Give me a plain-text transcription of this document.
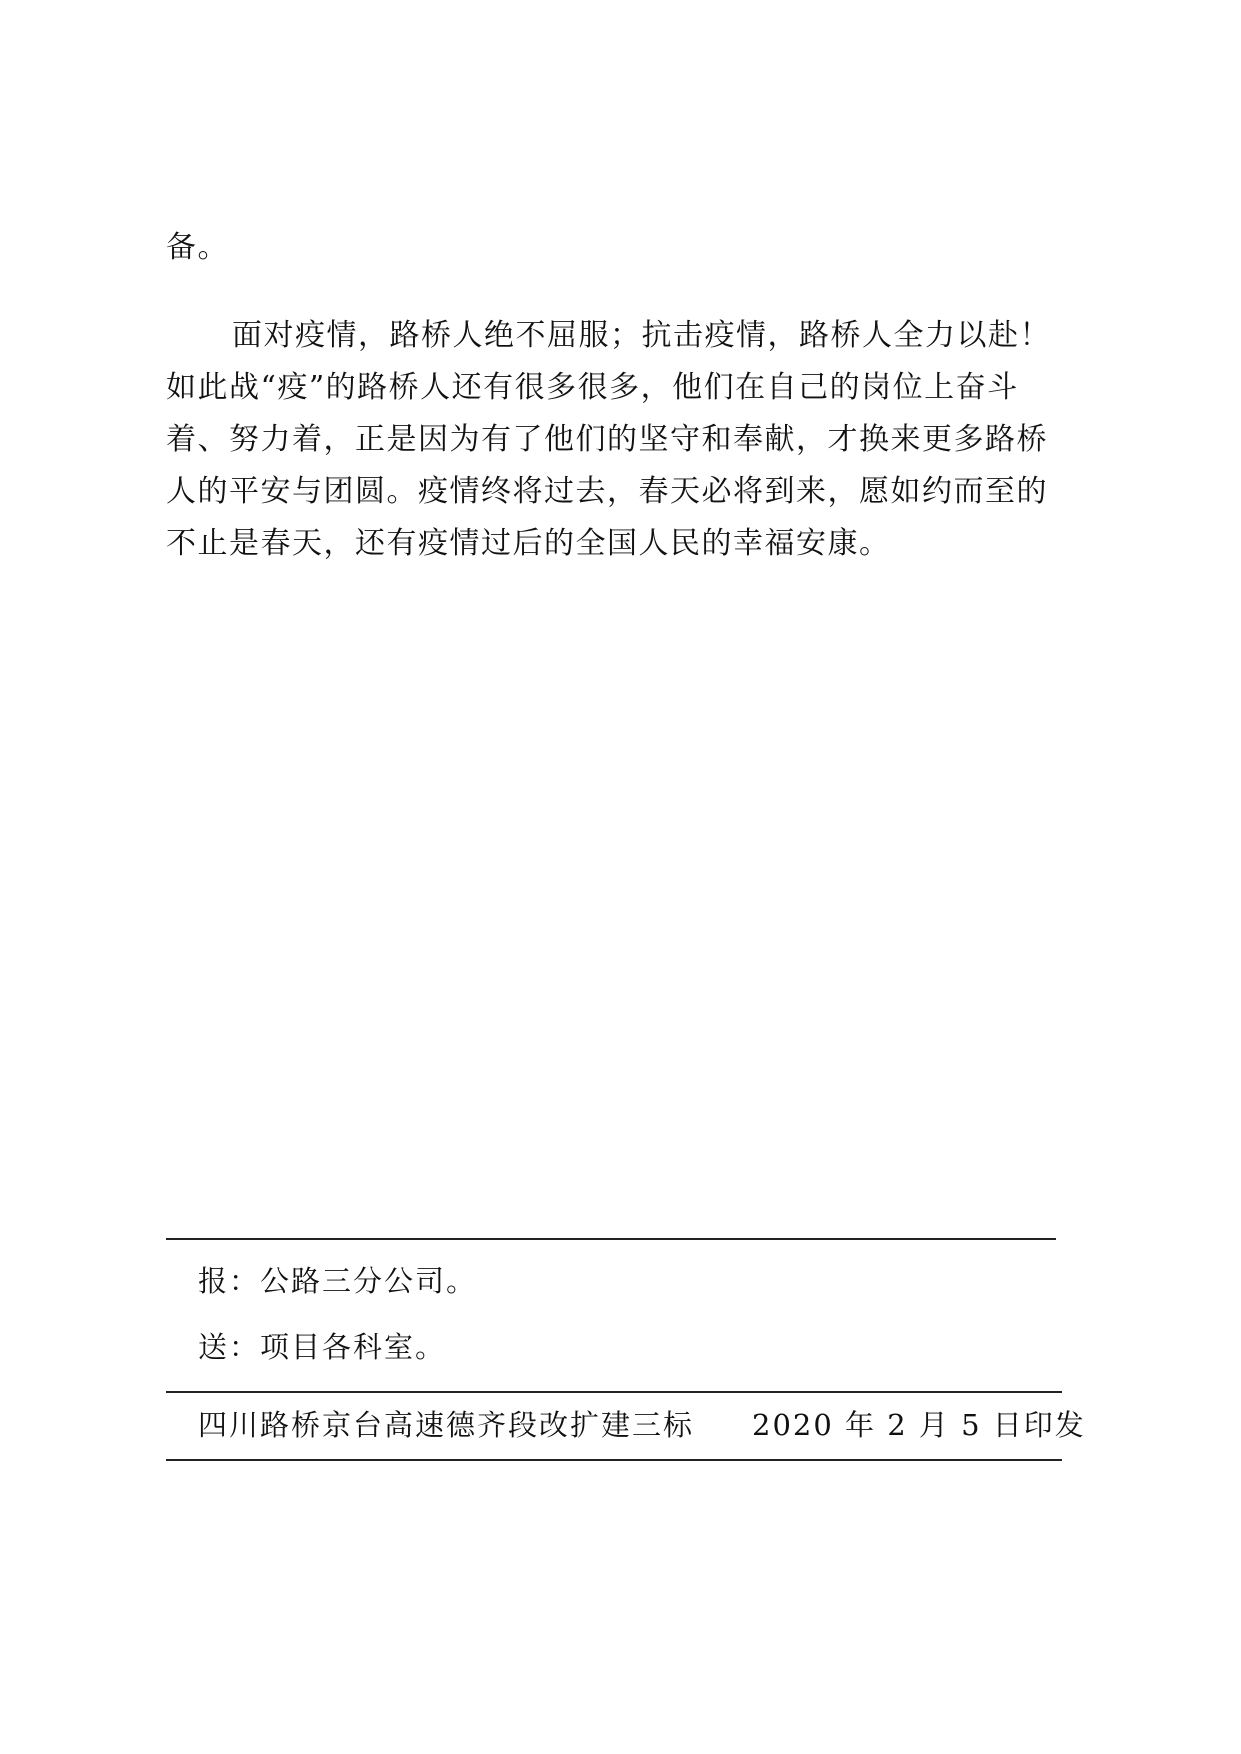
备。

面对疫情，路桥人绝不屈服；抗击疫情，路桥人全力以赴！

如此战“疫”的路桥人还有很多很多，他们在自己的岗位上奋斗

着、努力着，正是因为有了他们的坚守和奉献，才换来更多路桥

人的平安与团圆。疫情终将过去，春天必将到来，愿如约而至的

不止是春天，还有疫情过后的全国人民的幸福安康。

报：公路三分公司。
送：项目各科室。
四川路桥京台高速德齐段改扩建三标 2020 年 2 月 5 日印发
